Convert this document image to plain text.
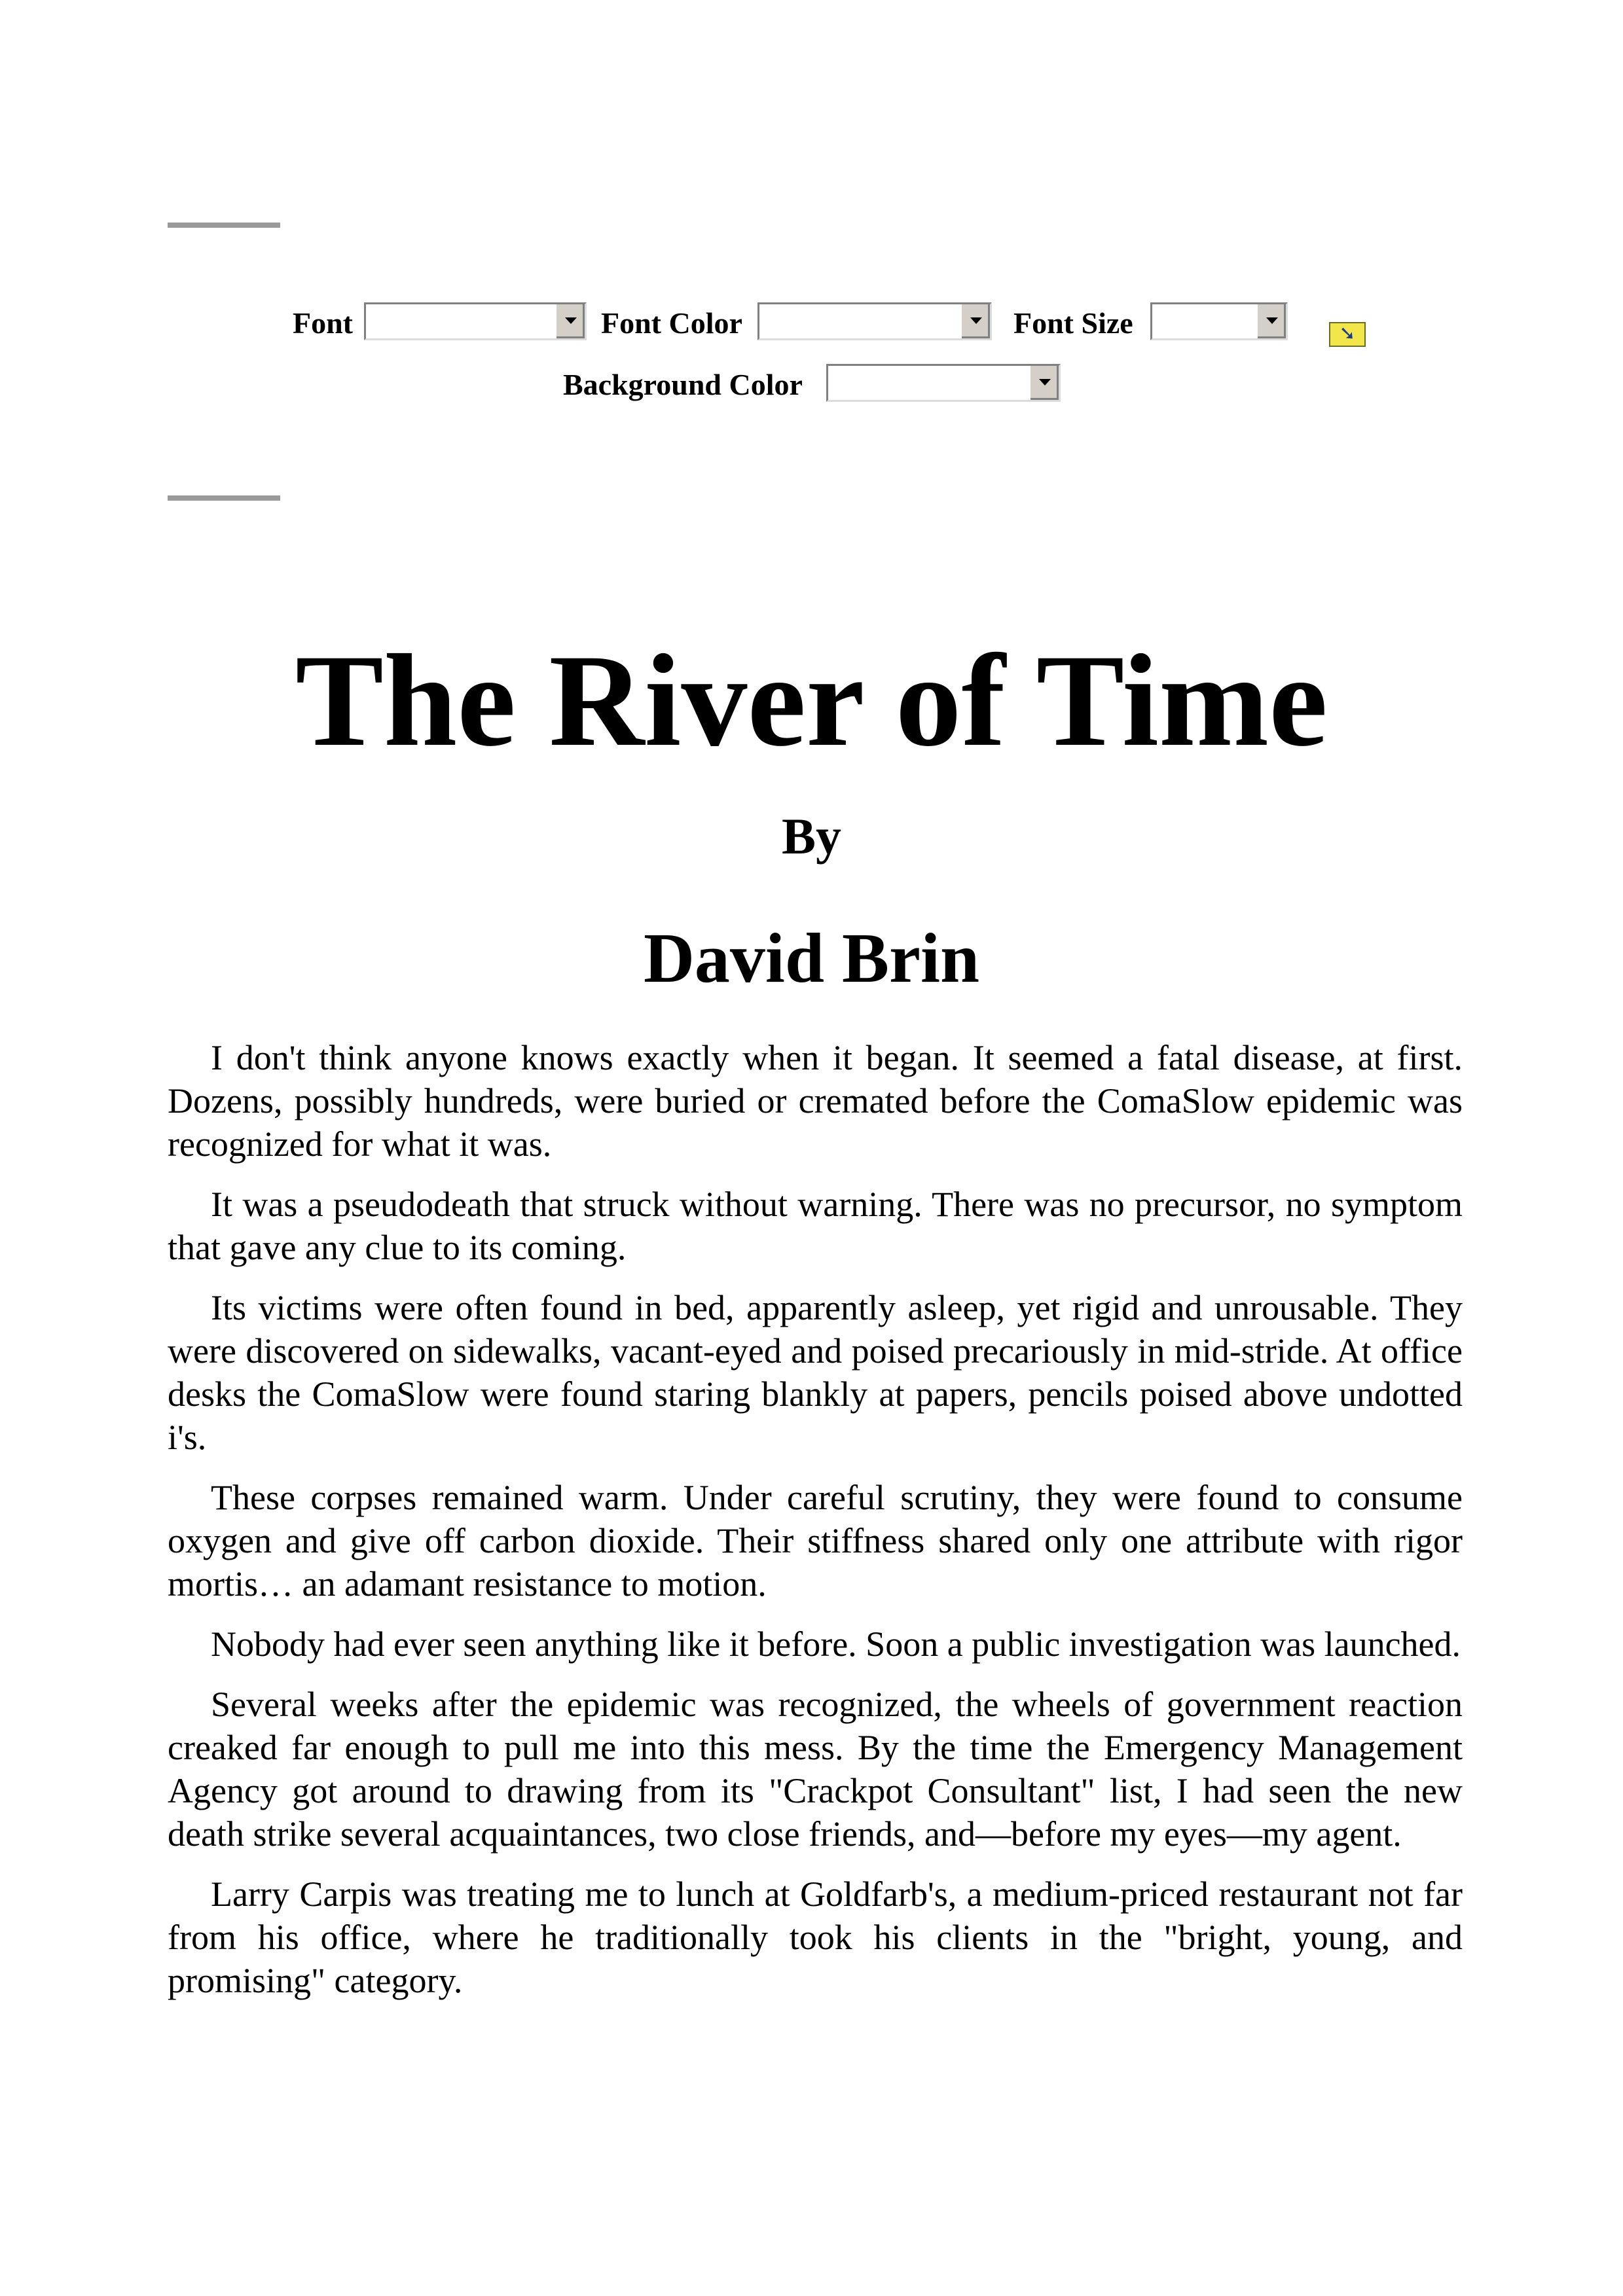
Font	Font Color	Font Size	➘
Background Color
The River of Time
By
David Brin

I don't think anyone knows exactly when it began. It seemed a fatal disease, at first. Dozens, possibly hundreds, were buried or cremated before the ComaSlow epidemic was recognized for what it was.

It was a pseudodeath that struck without warning. There was no precursor, no symptom that gave any clue to its coming.

Its victims were often found in bed, apparently asleep, yet rigid and unrousable. They were discovered on sidewalks, vacant-eyed and poised precariously in mid-stride. At office desks the ComaSlow were found staring blankly at papers, pencils poised above undotted i's.

These corpses remained warm. Under careful scrutiny, they were found to consume oxygen and give off carbon dioxide. Their stiffness shared only one attribute with rigor mortis… an adamant resistance to motion.

Nobody had ever seen anything like it before. Soon a public investigation was launched.

Several weeks after the epidemic was recognized, the wheels of government reaction creaked far enough to pull me into this mess. By the time the Emergency Management Agency got around to drawing from its "Crackpot Consultant" list, I had seen the new death strike several acquaintances, two close friends, and—before my eyes—my agent.

Larry Carpis was treating me to lunch at Goldfarb's, a medium-priced restaurant not far from his office, where he traditionally took his clients in the "bright, young, and promising" category.
